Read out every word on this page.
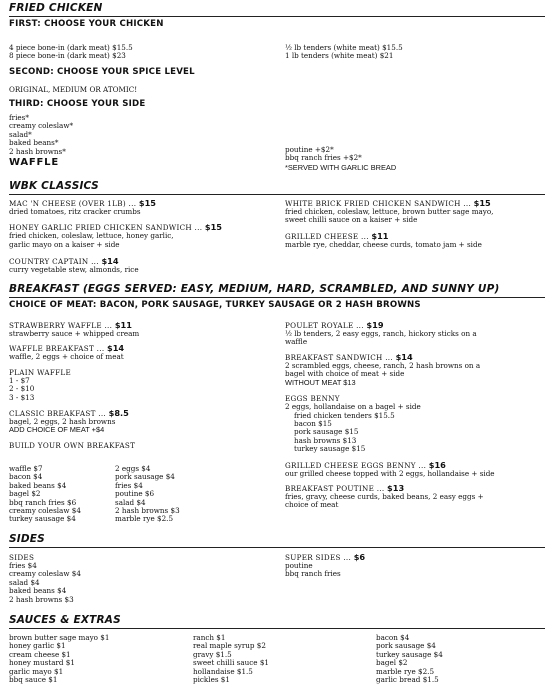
FRIED CHICKEN

FIRST: CHOOSE YOUR CHICKEN

4 piece bone-in (dark meat) $15.5

8 piece bone-in (dark meat) $23

½ lb tenders (white meat) $15.5

1 lb tenders (white meat) $21

SECOND: CHOOSE YOUR SPICE LEVEL

ORIGINAL, MEDIUM OR ATOMIC!

THIRD: CHOOSE YOUR SIDE

fries*

creamy coleslaw*

salad*

baked beans*

2 hash browns*

WAFFLE

poutine +$2*

bbq ranch fries +$2*

*SERVED WITH GARLIC BREAD

WBK CLASSICS

MAC 'N CHEESE (OVER 1LB) ... $15

dried tomatoes, ritz cracker crumbs

HONEY GARLIC FRIED CHICKEN SANDWICH ... $15

fried chicken, coleslaw, lettuce, honey garlic,

garlic mayo on a kaiser + side

COUNTRY CAPTAIN ... $14

curry vegetable stew, almonds, rice

WHITE BRICK FRIED CHICKEN SANDWICH ... $15

fried chicken, coleslaw, lettuce, brown butter sage mayo,

sweet chilli sauce on a kaiser + side

GRILLED CHEESE ... $11

marble rye, cheddar, cheese curds, tomato jam + side

BREAKFAST (EGGS SERVED: EASY, MEDIUM, HARD, SCRAMBLED, AND SUNNY UP)

CHOICE OF MEAT: BACON, PORK SAUSAGE, TURKEY SAUSAGE OR 2 HASH BROWNS

STRAWBERRY WAFFLE ... $11

strawberry sauce + whipped cream

WAFFLE BREAKFAST ... $14

waffle, 2 eggs + choice of meat

PLAIN WAFFLE

1 - $7

2 - $10

3 - $13

CLASSIC BREAKFAST ... $8.5

bagel, 2 eggs, 2 hash browns

ADD CHOICE OF MEAT +$4

BUILD YOUR OWN BREAKFAST

waffle $7

bacon $4

baked beans $4

bagel $2

bbq ranch fries $6

creamy coleslaw $4

turkey sausage $4

2 eggs $4

pork sausage $4

fries $4

poutine $6

salad $4

2 hash browns $3

marble rye $2.5

POULET ROYALE ... $19

½ lb tenders, 2 easy eggs, ranch, hickory sticks on a

waffle

BREAKFAST SANDWICH ... $14

2 scrambled eggs, cheese, ranch, 2 hash browns on a

bagel with choice of meat + side

WITHOUT MEAT $13

EGGS BENNY

2 eggs, hollandaise on a bagel + side

fried chicken tenders $15.5

bacon $15

pork sausage $15

hash browns $13

turkey sausage $15

GRILLED CHEESE EGGS BENNY ... $16

our grilled cheese topped with 2 eggs, hollandaise + side

BREAKFAST POUTINE ... $13

fries, gravy, cheese curds, baked beans, 2 easy eggs +

choice of meat

SIDES

SIDES

fries $4

creamy coleslaw $4

salad $4

baked beans $4

2 hash browns $3

SUPER SIDES ... $6

poutine

bbq ranch fries

SAUCES & EXTRAS

brown butter sage mayo $1

honey garlic $1

cream cheese $1

honey mustard $1

garlic mayo $1

bbq sauce $1

ranch $1

real maple syrup $2

gravy $1.5

sweet chilli sauce $1

hollandaise $1.5

pickles $1

bacon $4

pork sausage $4

turkey sausage $4

bagel $2

marble rye $2.5

garlic bread $1.5
